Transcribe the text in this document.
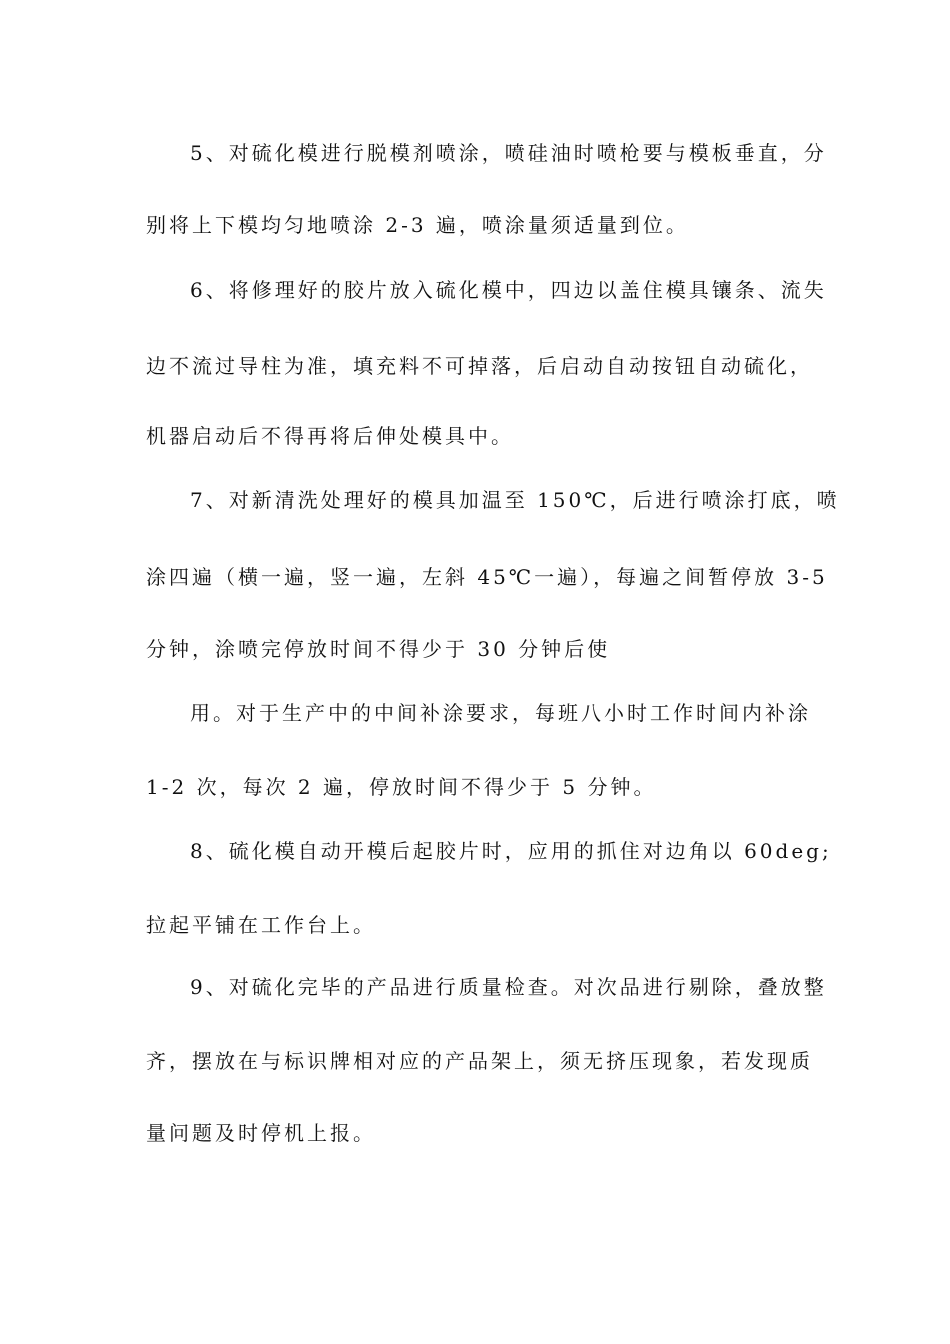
5、对硫化模进行脱模剂喷涂，喷硅油时喷枪要与模板垂直，分
别将上下模均匀地喷涂 2-3 遍，喷涂量须适量到位。
6、将修理好的胶片放入硫化模中，四边以盖住模具镶条、流失
边不流过导柱为准，填充料不可掉落，后启动自动按钮自动硫化，
机器启动后不得再将后伸处模具中。
7、对新清洗处理好的模具加温至 150℃，后进行喷涂打底，喷
涂四遍（横一遍，竖一遍，左斜 45℃一遍），每遍之间暂停放 3-5
分钟，涂喷完停放时间不得少于 30 分钟后使
用。对于生产中的中间补涂要求，每班八小时工作时间内补涂
1-2 次，每次 2 遍，停放时间不得少于 5 分钟。
8、硫化模自动开模后起胶片时，应用的抓住对边角以 60deg;
拉起平铺在工作台上。
9、对硫化完毕的产品进行质量检查。对次品进行剔除，叠放整
齐，摆放在与标识牌相对应的产品架上，须无挤压现象，若发现质
量问题及时停机上报。
